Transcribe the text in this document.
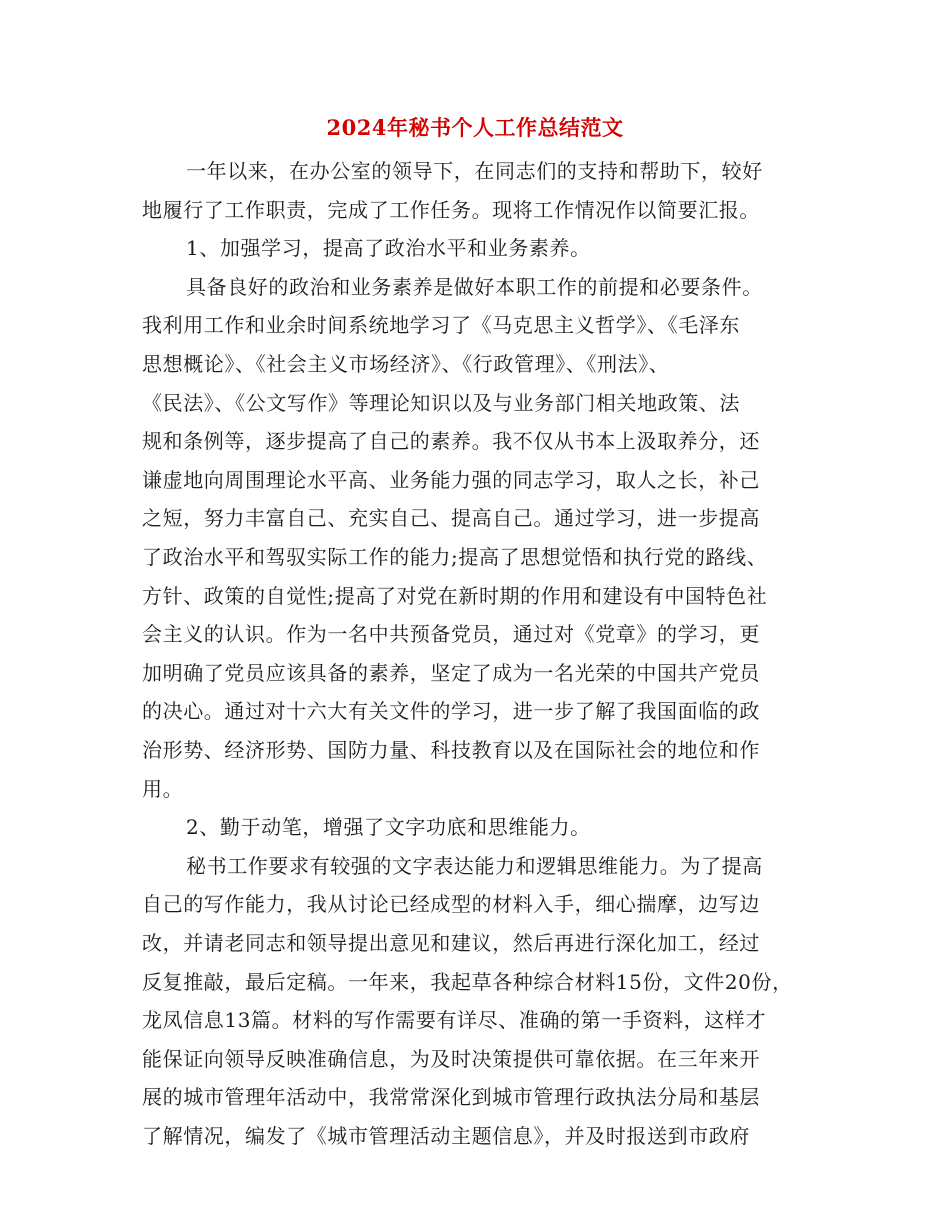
2024年秘书个人工作总结范文
一年以来，在办公室的领导下，在同志们的支持和帮助下，较好
地履行了工作职责，完成了工作任务。现将工作情况作以简要汇报。
1、加强学习，提高了政治水平和业务素养。
具备良好的政治和业务素养是做好本职工作的前提和必要条件。
我利用工作和业余时间系统地学习了《马克思主义哲学》、《毛泽东
思想概论》、《社会主义市场经济》、《行政管理》、《刑法》、
《民法》、《公文写作》等理论知识以及与业务部门相关地政策、法
规和条例等，逐步提高了自己的素养。我不仅从书本上汲取养分，还
谦虚地向周围理论水平高、业务能力强的同志学习，取人之长，补己
之短，努力丰富自己、充实自己、提高自己。通过学习，进一步提高
了政治水平和驾驭实际工作的能力;提高了思想觉悟和执行党的路线、
方针、政策的自觉性;提高了对党在新时期的作用和建设有中国特色社
会主义的认识。作为一名中共预备党员，通过对《党章》的学习，更
加明确了党员应该具备的素养，坚定了成为一名光荣的中国共产党员
的决心。通过对十六大有关文件的学习，进一步了解了我国面临的政
治形势、经济形势、国防力量、科技教育以及在国际社会的地位和作
用。
2、勤于动笔，增强了文字功底和思维能力。
秘书工作要求有较强的文字表达能力和逻辑思维能力。为了提高
自己的写作能力，我从讨论已经成型的材料入手，细心揣摩，边写边
改，并请老同志和领导提出意见和建议，然后再进行深化加工，经过
反复推敲，最后定稿。一年来，我起草各种综合材料15份，文件20份，
龙凤信息13篇。材料的写作需要有详尽、准确的第一手资料，这样才
能保证向领导反映准确信息，为及时决策提供可靠依据。在三年来开
展的城市管理年活动中，我常常深化到城市管理行政执法分局和基层
了解情况，编发了《城市管理活动主题信息》，并及时报送到市政府
